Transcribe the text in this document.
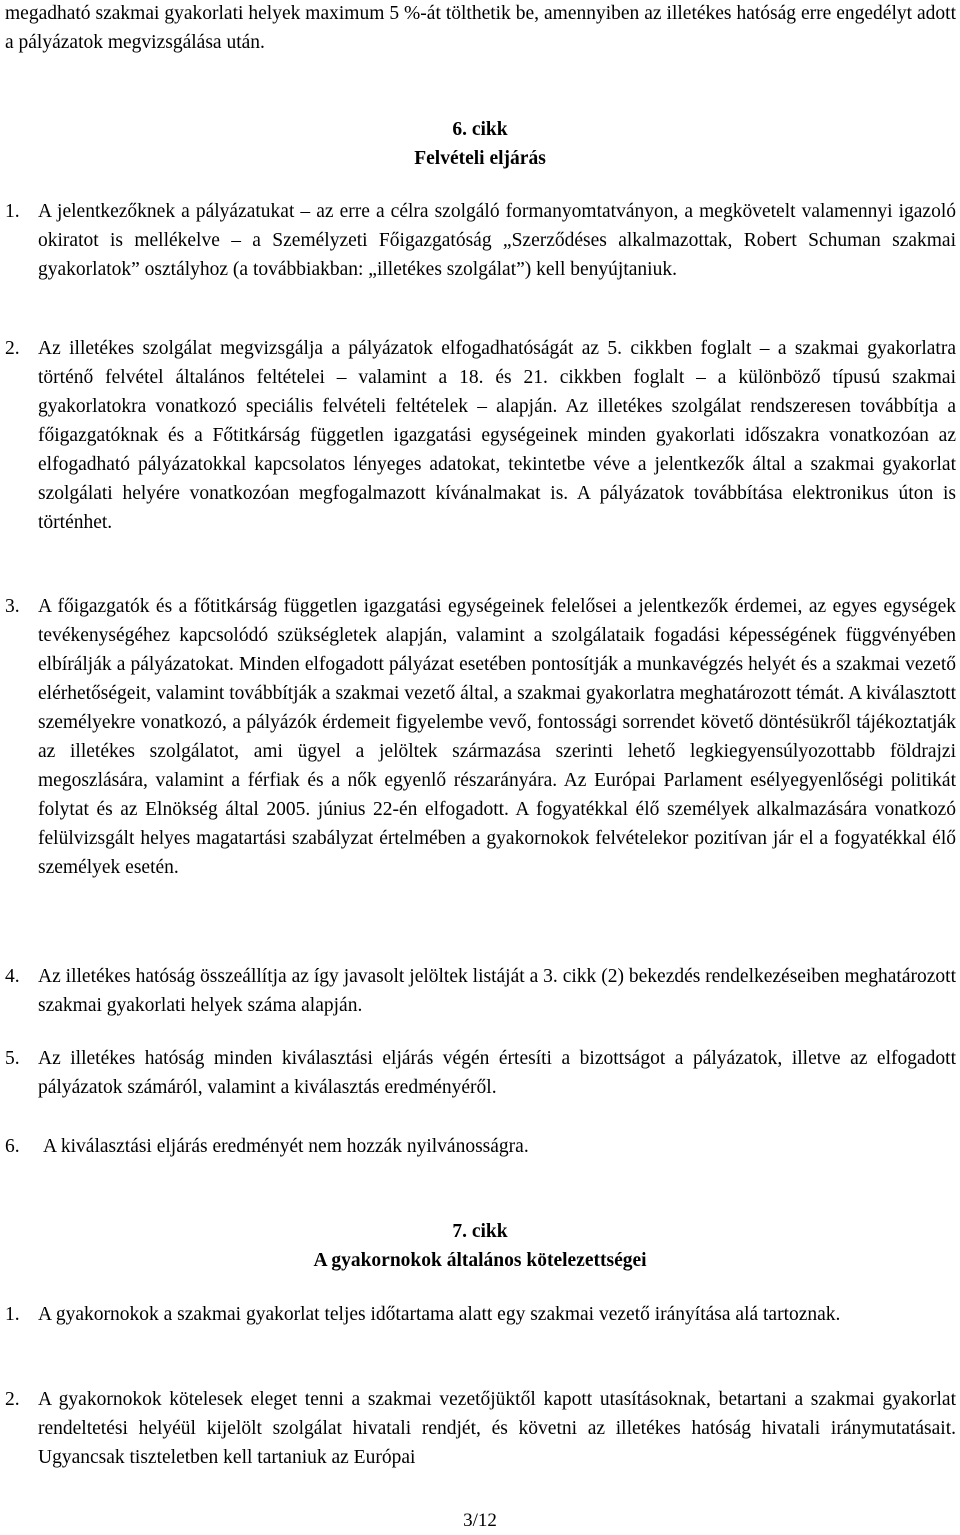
megadható szakmai gyakorlati helyek maximum 5 %-át tölthetik be, amennyiben az illetékes hatóság erre engedélyt adott a pályázatok megvizsgálása után.

6. cikk
Felvételi eljárás
1. A jelentkezőknek a pályázatukat – az erre a célra szolgáló formanyomtatványon, a megkövetelt valamennyi igazoló okiratot is mellékelve – a Személyzeti Főigazgatóság „Szerződéses alkalmazottak, Robert Schuman szakmai gyakorlatok” osztályhoz (a továbbiakban: „illetékes szolgálat”) kell benyújtaniuk.
2. Az illetékes szolgálat megvizsgálja a pályázatok elfogadhatóságát az 5. cikkben foglalt – a szakmai gyakorlatra történő felvétel általános feltételei – valamint a 18. és 21. cikkben foglalt – a különböző típusú szakmai gyakorlatokra vonatkozó speciális felvételi feltételek – alapján. Az illetékes szolgálat rendszeresen továbbítja a főigazgatóknak és a Főtitkárság független igazgatási egységeinek minden gyakorlati időszakra vonatkozóan az elfogadható pályázatokkal kapcsolatos lényeges adatokat, tekintetbe véve a jelentkezők által a szakmai gyakorlat szolgálati helyére vonatkozóan megfogalmazott kívánalmakat is. A pályázatok továbbítása elektronikus úton is történhet.
3. A főigazgatók és a főtitkárság független igazgatási egységeinek felelősei a jelentkezők érdemei, az egyes egységek tevékenységéhez kapcsolódó szükségletek alapján, valamint a szolgálataik fogadási képességének függvényében elbírálják a pályázatokat. Minden elfogadott pályázat esetében pontosítják a munkavégzés helyét és a szakmai vezető elérhetőségeit, valamint továbbítják a szakmai vezető által, a szakmai gyakorlatra meghatározott témát. A kiválasztott személyekre vonatkozó, a pályázók érdemeit figyelembe vevő, fontossági sorrendet követő döntésükről tájékoztatják az illetékes szolgálatot, ami ügyel a jelöltek származása szerinti lehető legkiegyensúlyozottabb földrajzi megoszlására, valamint a férfiak és a nők egyenlő részarányára. Az Európai Parlament esélyegyenlőségi politikát folytat és az Elnökség által 2005. június 22-én elfogadott. A fogyatékkal élő személyek alkalmazására vonatkozó felülvizsgált helyes magatartási szabályzat értelmében a gyakornokok felvételekor pozitívan jár el a fogyatékkal élő személyek esetén.
4. Az illetékes hatóság összeállítja az így javasolt jelöltek listáját a 3. cikk (2) bekezdés rendelkezéseiben meghatározott szakmai gyakorlati helyek száma alapján.
5. Az illetékes hatóság minden kiválasztási eljárás végén értesíti a bizottságot a pályázatok, illetve az elfogadott pályázatok számáról, valamint a kiválasztás eredményéről.
6.	A kiválasztási eljárás eredményét nem hozzák nyilvánosságra.
7. cikk
A gyakornokok általános kötelezettségei
1. A gyakornokok a szakmai gyakorlat teljes időtartama alatt egy szakmai vezető irányítása alá tartoznak.
2. A gyakornokok kötelesek eleget tenni a szakmai vezetőjüktől kapott utasításoknak, betartani a szakmai gyakorlat rendeltetési helyéül kijelölt szolgálat hivatali rendjét, és követni az illetékes hatóság hivatali iránymutatásait. Ugyancsak tiszteletben kell tartaniuk az Európai
3/12
